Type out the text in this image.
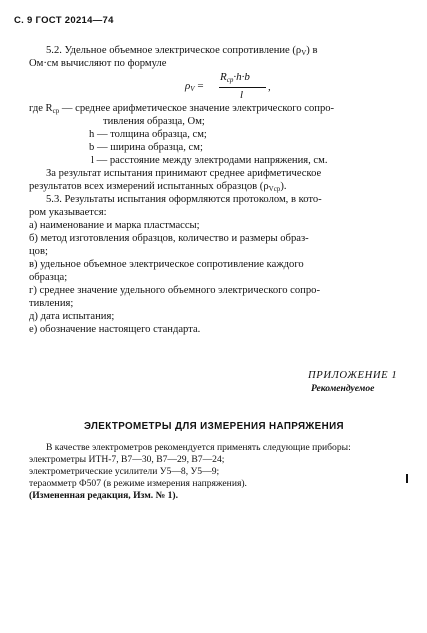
С. 9 ГОСТ 20214—74
5.2. Удельное объемное электрическое сопротивление (ρV) в
Ом·см вычисляют по формуле
ρV =
Rср·h·b
l
,
где Rср — среднее арифметическое значение электрического сопро-
тивления образца, Ом;
h — толщина образца, см;
b — ширина образца, см;
l — расстояние между электродами напряжения, см.
За результат испытания принимают среднее арифметическое
результатов всех измерений испытанных образцов (ρVср).
5.3. Результаты испытания оформляются протоколом, в кото-
ром указывается:
а) наименование и марка пластмассы;
б) метод изготовления образцов, количество и размеры образ-
цов;
в) удельное объемное электрическое сопротивление каждого
образца;
г) среднее значение удельного объемного электрического сопро-
тивления;
д) дата испытания;
е) обозначение настоящего стандарта.
ПРИЛОЖЕНИЕ 1
Рекомендуемое
ЭЛЕКТРОМЕТРЫ ДЛЯ ИЗМЕРЕНИЯ НАПРЯЖЕНИЯ
В качестве электрометров рекомендуется применять следующие приборы:
электрометры ИТН-7, В7—30, В7—29, В7—24;
электрометрические усилители У5—8, У5—9;
тераомметр Ф507 (в режиме измерения напряжения).
(Измененная редакция, Изм. № 1).
